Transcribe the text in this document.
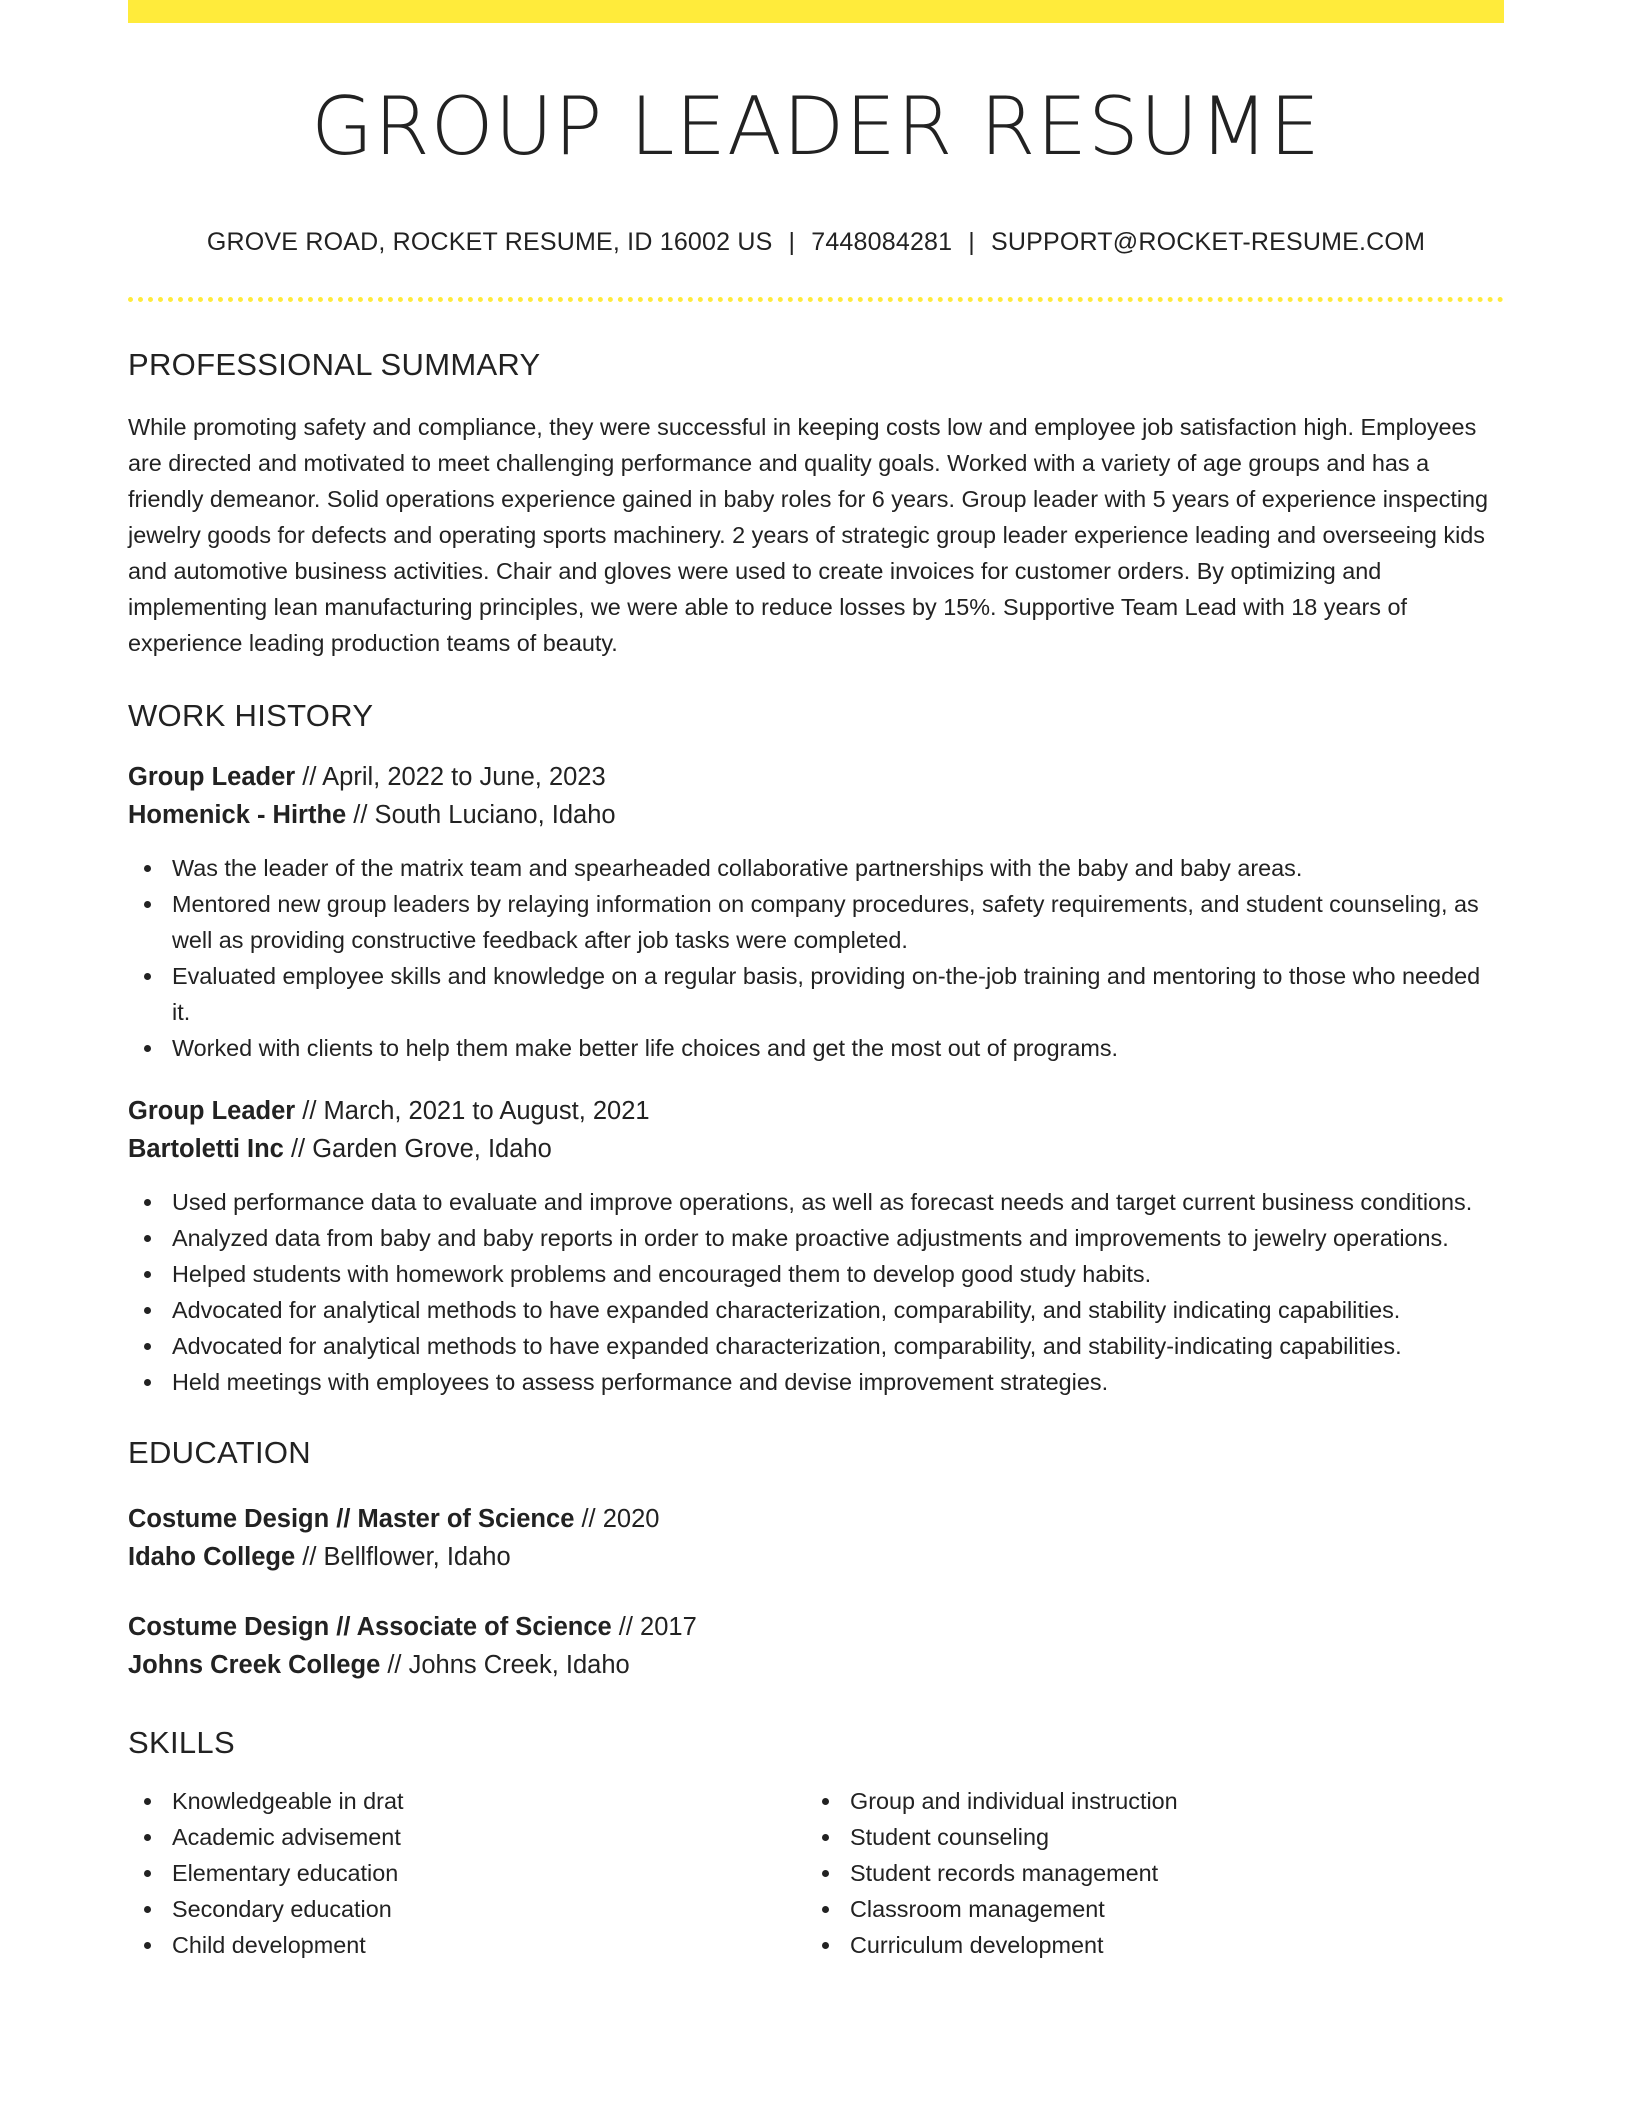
GROUP LEADER RESUME
GROVE ROAD, ROCKET RESUME, ID 16002 US | 7448084281 | SUPPORT@ROCKET-RESUME.COM
PROFESSIONAL SUMMARY

While promoting safety and compliance, they were successful in keeping costs low and employee job satisfaction high. Employees are directed and motivated to meet challenging performance and quality goals. Worked with a variety of age groups and has a friendly demeanor. Solid operations experience gained in baby roles for 6 years. Group leader with 5 years of experience inspecting jewelry goods for defects and operating sports machinery. 2 years of strategic group leader experience leading and overseeing kids and automotive business activities. Chair and gloves were used to create invoices for customer orders. By optimizing and implementing lean manufacturing principles, we were able to reduce losses by 15%. Supportive Team Lead with 18 years of experience leading production teams of beauty.

WORK HISTORY
Group Leader // April, 2022 to June, 2023
Homenick - Hirthe // South Luciano, Idaho
Was the leader of the matrix team and spearheaded collaborative partnerships with the baby and baby areas.
Mentored new group leaders by relaying information on company procedures, safety requirements, and student counseling, as well as providing constructive feedback after job tasks were completed.
Evaluated employee skills and knowledge on a regular basis, providing on-the-job training and mentoring to those who needed it.
Worked with clients to help them make better life choices and get the most out of programs.
Group Leader // March, 2021 to August, 2021
Bartoletti Inc // Garden Grove, Idaho
Used performance data to evaluate and improve operations, as well as forecast needs and target current business conditions.
Analyzed data from baby and baby reports in order to make proactive adjustments and improvements to jewelry operations.
Helped students with homework problems and encouraged them to develop good study habits.
Advocated for analytical methods to have expanded characterization, comparability, and stability indicating capabilities.
Advocated for analytical methods to have expanded characterization, comparability, and stability-indicating capabilities.
Held meetings with employees to assess performance and devise improvement strategies.
EDUCATION
Costume Design // Master of Science // 2020
Idaho College // Bellflower, Idaho
Costume Design // Associate of Science // 2017
Johns Creek College // Johns Creek, Idaho
SKILLS
Knowledgeable in drat
Academic advisement
Elementary education
Secondary education
Child development
Group and individual instruction
Student counseling
Student records management
Classroom management
Curriculum development
